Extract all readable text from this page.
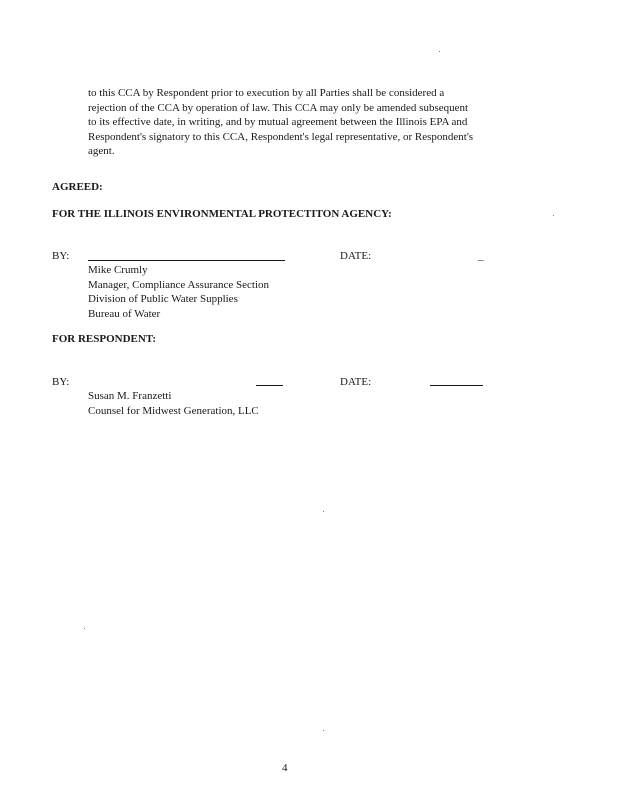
to this CCA by Respondent prior to execution by all Parties shall be considered a
rejection of the CCA by operation of law. This CCA may only be amended subsequent
to its effective date, in writing, and by mutual agreement between the Illinois EPA and
Respondent's signatory to this CCA, Respondent's legal representative, or Respondent's
agent.
AGREED:
FOR THE ILLINOIS ENVIRONMENTAL PROTECTITON AGENCY:
BY:	DATE:	_
Mike Crumly
Manager, Compliance Assurance Section
Division of Public Water Supplies
Bureau of Water
FOR RESPONDENT:
BY:	DATE:
Susan M. Franzetti
Counsel for Midwest Generation, LLC
4
